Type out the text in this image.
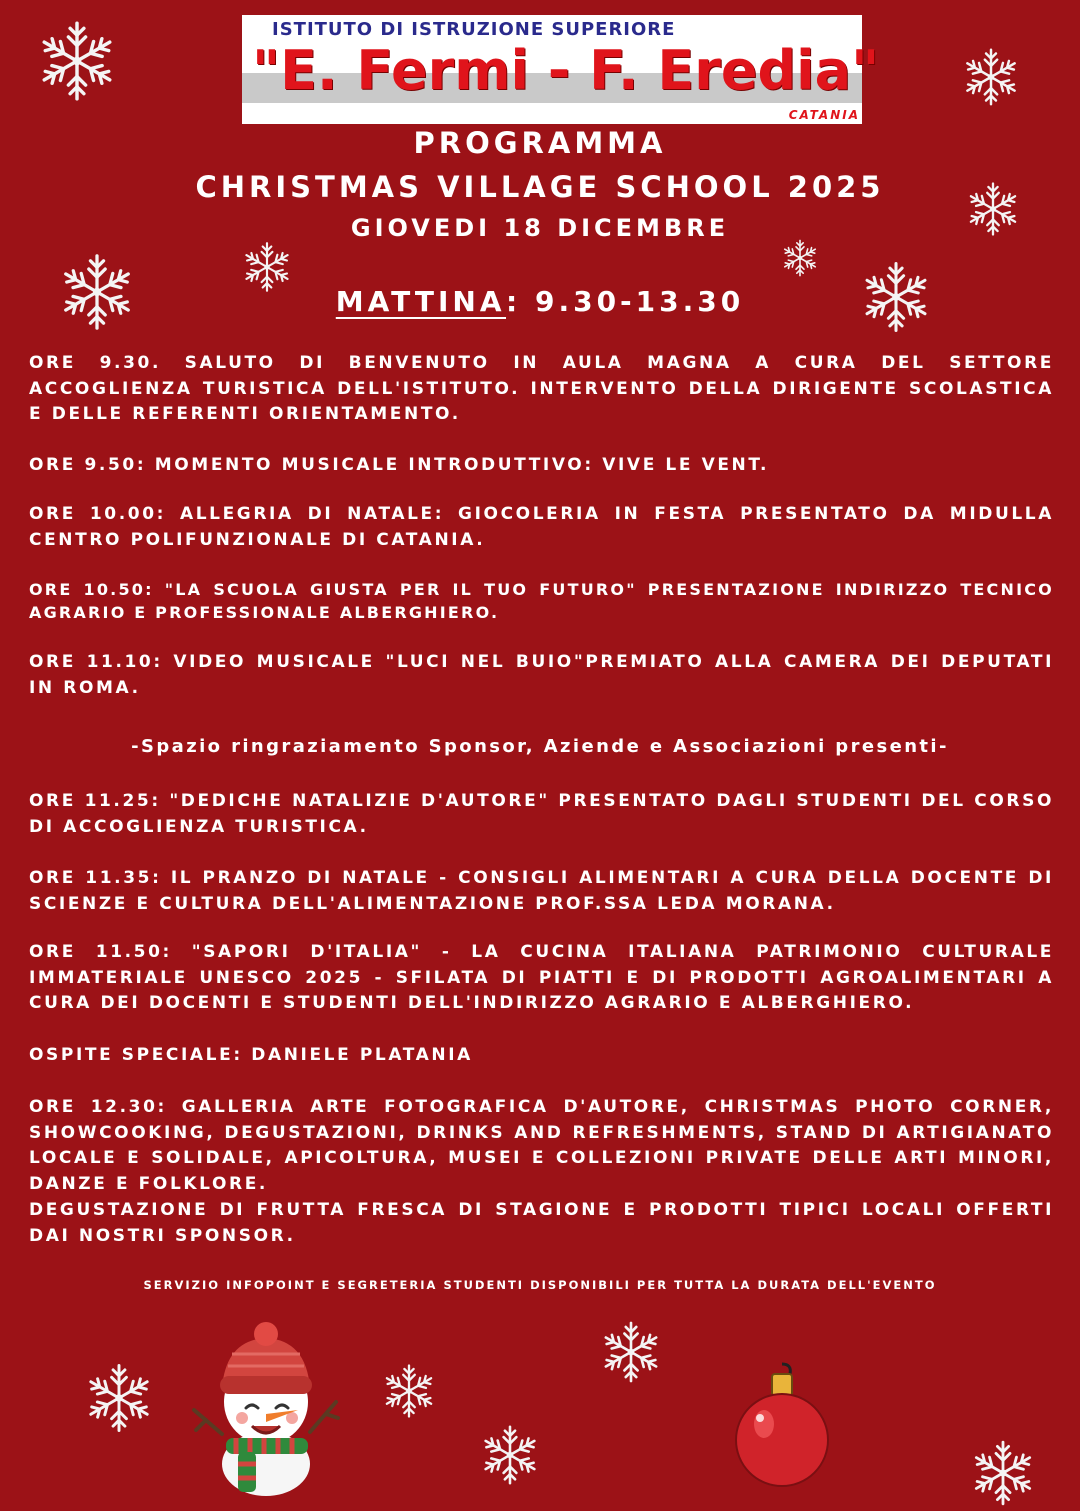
ISTITUTO DI ISTRUZIONE SUPERIORE
"E. Fermi - F. Eredia"
CATANIA
PROGRAMMA
CHRISTMAS VILLAGE SCHOOL 2025
GIOVEDI 18 DICEMBRE
MATTINA: 9.30-13.30
ORE 9.30. SALUTO DI BENVENUTO IN AULA MAGNA A CURA DEL SETTORE ACCOGLIENZA TURISTICA DELL'ISTITUTO. INTERVENTO DELLA DIRIGENTE SCOLASTICA E DELLE REFERENTI ORIENTAMENTO.
ORE 9.50: MOMENTO MUSICALE INTRODUTTIVO: VIVE LE VENT.
ORE 10.00: ALLEGRIA DI NATALE: GIOCOLERIA IN FESTA PRESENTATO DA MIDULLA CENTRO POLIFUNZIONALE DI CATANIA.
ORE 10.50: "LA SCUOLA GIUSTA PER IL TUO FUTURO" PRESENTAZIONE INDIRIZZO TECNICO AGRARIO E PROFESSIONALE ALBERGHIERO.
ORE 11.10: VIDEO MUSICALE "LUCI NEL BUIO"PREMIATO ALLA CAMERA DEI DEPUTATI IN ROMA.
-Spazio ringraziamento Sponsor, Aziende e Associazioni presenti-
ORE 11.25: "DEDICHE NATALIZIE D'AUTORE" PRESENTATO DAGLI STUDENTI DEL CORSO DI ACCOGLIENZA TURISTICA.
ORE 11.35: IL PRANZO DI NATALE - CONSIGLI ALIMENTARI A CURA DELLA DOCENTE DI SCIENZE E CULTURA DELL'ALIMENTAZIONE PROF.SSA LEDA MORANA.
ORE 11.50: "SAPORI D'ITALIA" - LA CUCINA ITALIANA PATRIMONIO CULTURALE IMMATERIALE UNESCO 2025 - SFILATA DI PIATTI E DI PRODOTTI AGROALIMENTARI A CURA DEI DOCENTI E STUDENTI DELL'INDIRIZZO AGRARIO E ALBERGHIERO.
OSPITE SPECIALE: DANIELE PLATANIA
ORE 12.30: GALLERIA ARTE FOTOGRAFICA D'AUTORE, CHRISTMAS PHOTO CORNER, SHOWCOOKING, DEGUSTAZIONI, DRINKS AND REFRESHMENTS, STAND DI ARTIGIANATO LOCALE E SOLIDALE, APICOLTURA, MUSEI E COLLEZIONI PRIVATE DELLE ARTI MINORI, DANZE E FOLKLORE.
DEGUSTAZIONE DI FRUTTA FRESCA DI STAGIONE E PRODOTTI TIPICI LOCALI OFFERTI DAI NOSTRI SPONSOR.
SERVIZIO INFOPOINT E SEGRETERIA STUDENTI DISPONIBILI PER TUTTA LA DURATA DELL'EVENTO
